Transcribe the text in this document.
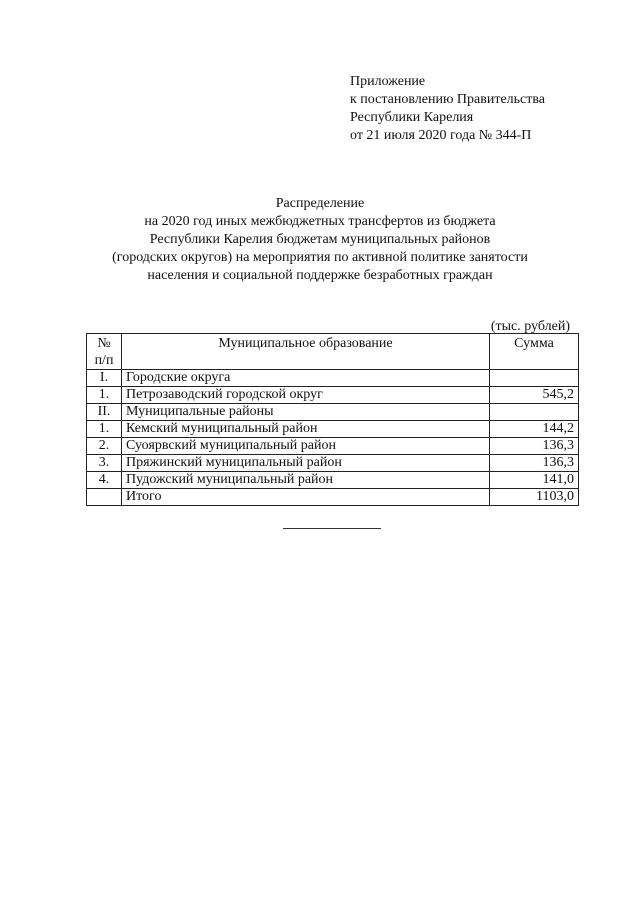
Приложение
к постановлению Правительства
Республики Карелия
от 21 июля 2020 года № 344-П
Распределение
на 2020 год иных межбюджетных трансфертов из бюджета
Республики Карелия бюджетам муниципальных районов
(городских округов) на мероприятия по активной политике занятости
населения и социальной поддержке безработных граждан
(тыс. рублей)
№
п/п	Муниципальное образование	Сумма
I.	Городские округа	
1.	Петрозаводский городской округ	545,2
II.	Муниципальные районы	
1.	Кемский муниципальный район	144,2
2.	Суоярвский муниципальный район	136,3
3.	Пряжинский муниципальный район	136,3
4.	Пудожский муниципальный район	141,0
	Итого	1103,0
